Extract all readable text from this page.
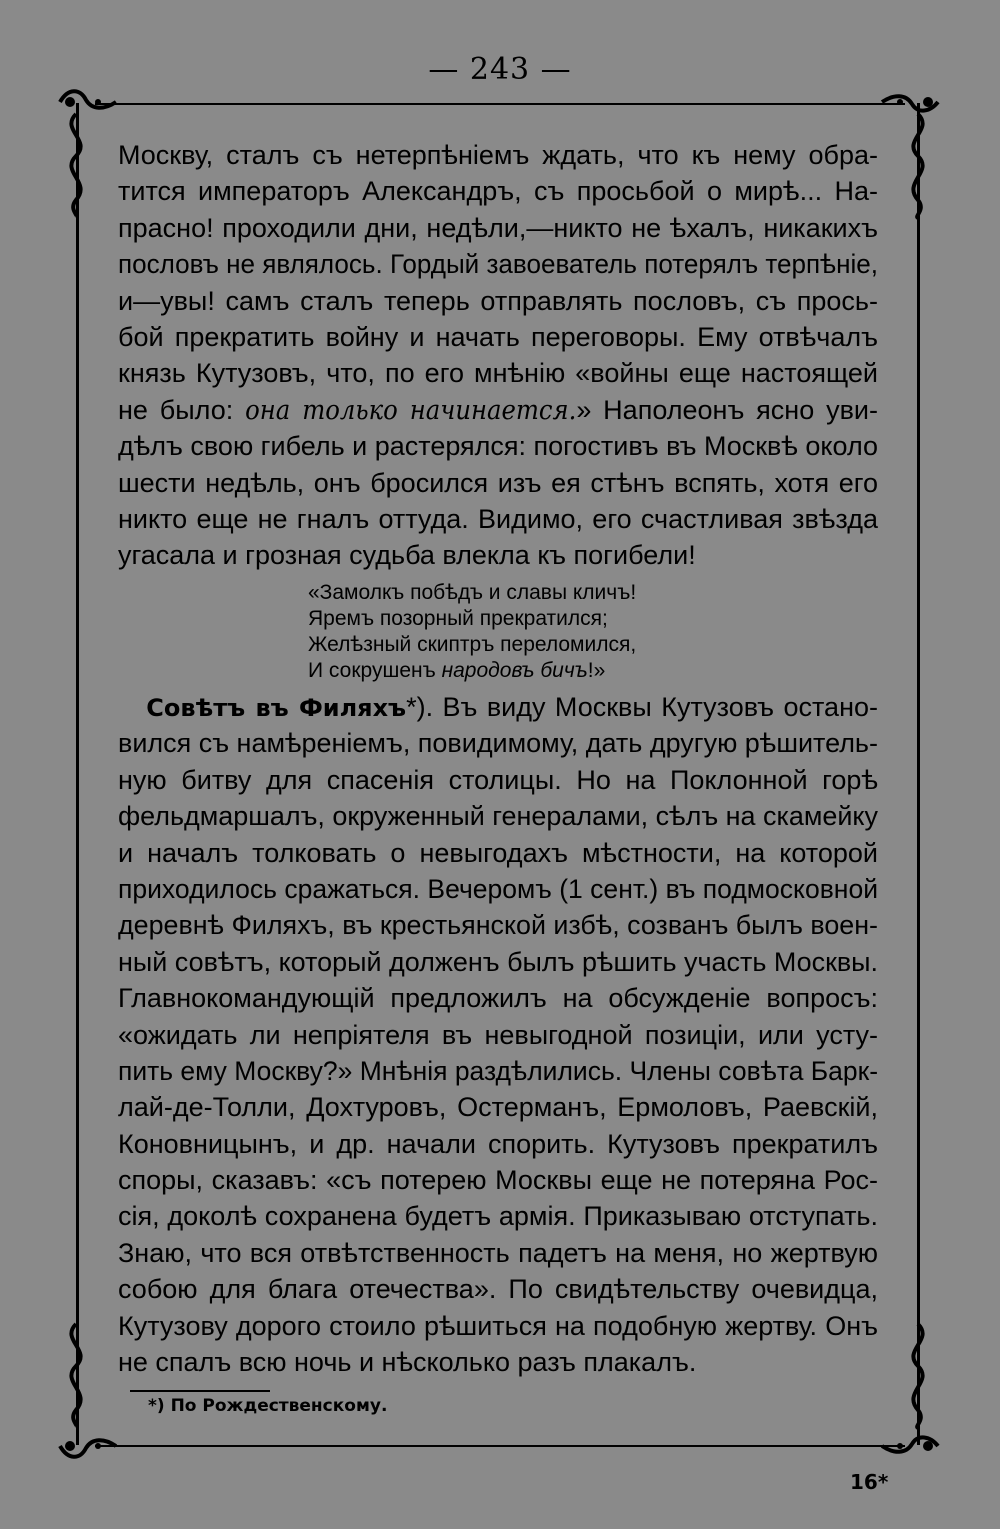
— 243 —
Москву, сталъ съ нетерпѣніемъ ждать, что къ нему обра-
тится императоръ Александръ, съ просьбой о мирѣ... На-
прасно! проходили дни, недѣли,—никто не ѣхалъ, никакихъ
пословъ не являлось. Гордый завоеватель потерялъ терпѣніе,
и—увы! самъ сталъ теперь отправлять пословъ, съ прось-
бой прекратить войну и начать переговоры. Ему отвѣчалъ
князь Кутузовъ, что, по его мнѣнію «войны еще настоящей
не было: она только начинается.» Наполеонъ ясно уви-
дѣлъ свою гибель и растерялся: погостивъ въ Москвѣ около
шести недѣль, онъ бросился изъ ея стѣнъ вспять, хотя его
никто еще не гналъ оттуда. Видимо, его счастливая звѣзда
угасала и грозная судьба влекла къ погибели!
«Замолкъ побѣдъ и славы кличъ!
Яремъ позорный прекратился;
Желѣзный скиптръ переломился,
И сокрушенъ народовъ бичъ!»
Совѣтъ въ Филяхъ*). Въ виду Москвы Кутузовъ остано-
вился съ намѣреніемъ, повидимому, дать другую рѣшитель-
ную битву для спасенія столицы. Но на Поклонной горѣ
фельдмаршалъ, окруженный генералами, сѣлъ на скамейку
и началъ толковать о невыгодахъ мѣстности, на которой
приходилось сражаться. Вечеромъ (1 сент.) въ подмосковной
деревнѣ Филяхъ, въ крестьянской избѣ, созванъ былъ воен-
ный совѣтъ, который долженъ былъ рѣшить участь Москвы.
Главнокомандующій предложилъ на обсужденіе вопросъ:
«ожидать ли непріятеля въ невыгодной позиціи, или усту-
пить ему Москву?» Мнѣнія раздѣлились. Члены совѣта Барк-
лай-де-Толли, Дохтуровъ, Остерманъ, Ермоловъ, Раевскій,
Коновницынъ, и др. начали спорить. Кутузовъ прекратилъ
споры, сказавъ: «съ потерею Москвы еще не потеряна Рос-
сія, доколѣ сохранена будетъ армія. Приказываю отступать.
Знаю, что вся отвѣтственность падетъ на меня, но жертвую
собою для блага отечества». По свидѣтельству очевидца,
Кутузову дорого стоило рѣшиться на подобную жертву. Онъ
не спалъ всю ночь и нѣсколько разъ плакалъ.
*) По Рождественскому.
16*
